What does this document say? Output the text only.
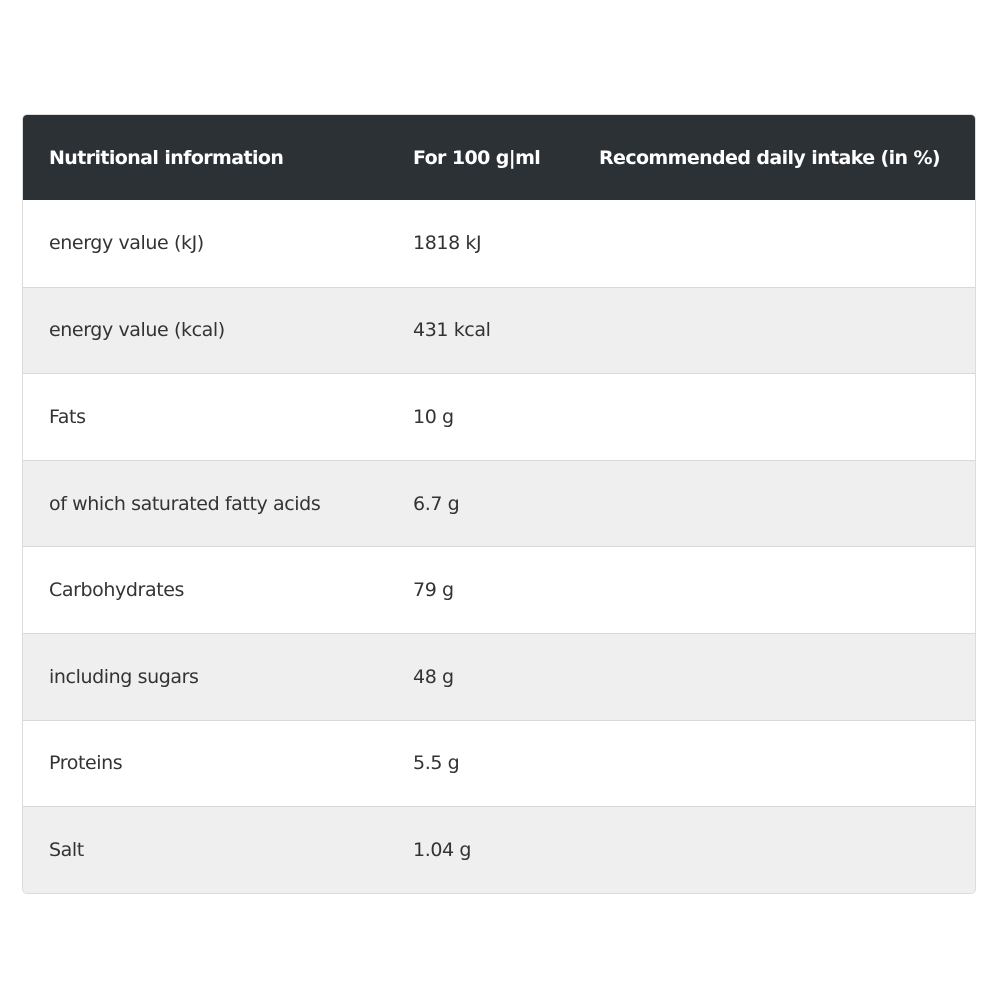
Nutritional information	For 100 g|ml	Recommended daily intake (in %)
energy value (kJ)	1818 kJ
energy value (kcal)	431 kcal
Fats	10 g
of which saturated fatty acids	6.7 g
Carbohydrates	79 g
including sugars	48 g
Proteins	5.5 g
Salt	1.04 g
